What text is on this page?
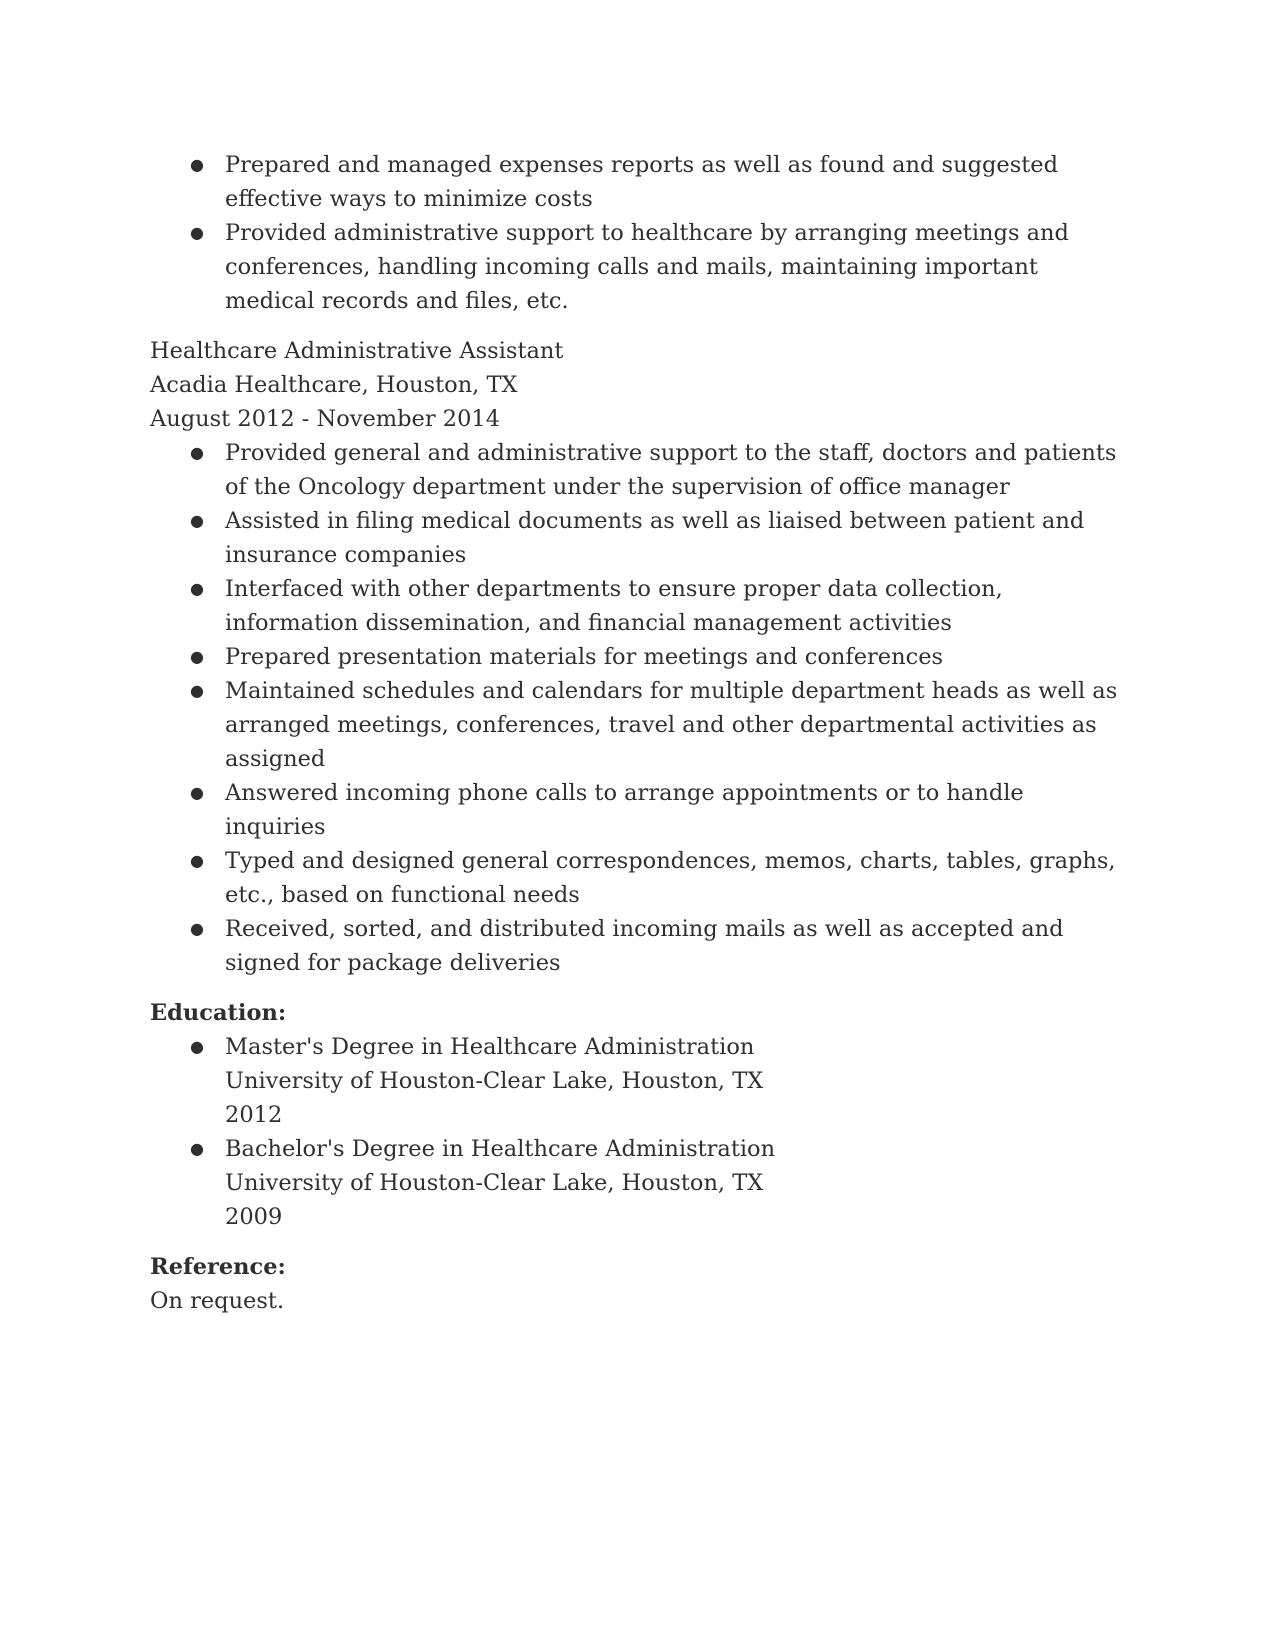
● Prepared and managed expenses reports as well as found and suggested effective ways to minimize costs
● Provided administrative support to healthcare by arranging meetings and conferences, handling incoming calls and mails, maintaining important medical records and files, etc.
Healthcare Administrative Assistant
Acadia Healthcare, Houston, TX
August 2012 - November 2014
● Provided general and administrative support to the staff, doctors and patients of the Oncology department under the supervision of office manager
● Assisted in filing medical documents as well as liaised between patient and insurance companies
● Interfaced with other departments to ensure proper data collection, information dissemination, and financial management activities
● Prepared presentation materials for meetings and conferences
● Maintained schedules and calendars for multiple department heads as well as arranged meetings, conferences, travel and other departmental activities as assigned
● Answered incoming phone calls to arrange appointments or to handle inquiries
● Typed and designed general correspondences, memos, charts, tables, graphs, etc., based on functional needs
● Received, sorted, and distributed incoming mails as well as accepted and signed for package deliveries
Education:
● Master's Degree in Healthcare Administration
University of Houston-Clear Lake, Houston, TX
2012
● Bachelor's Degree in Healthcare Administration
University of Houston-Clear Lake, Houston, TX
2009
Reference:
On request.
